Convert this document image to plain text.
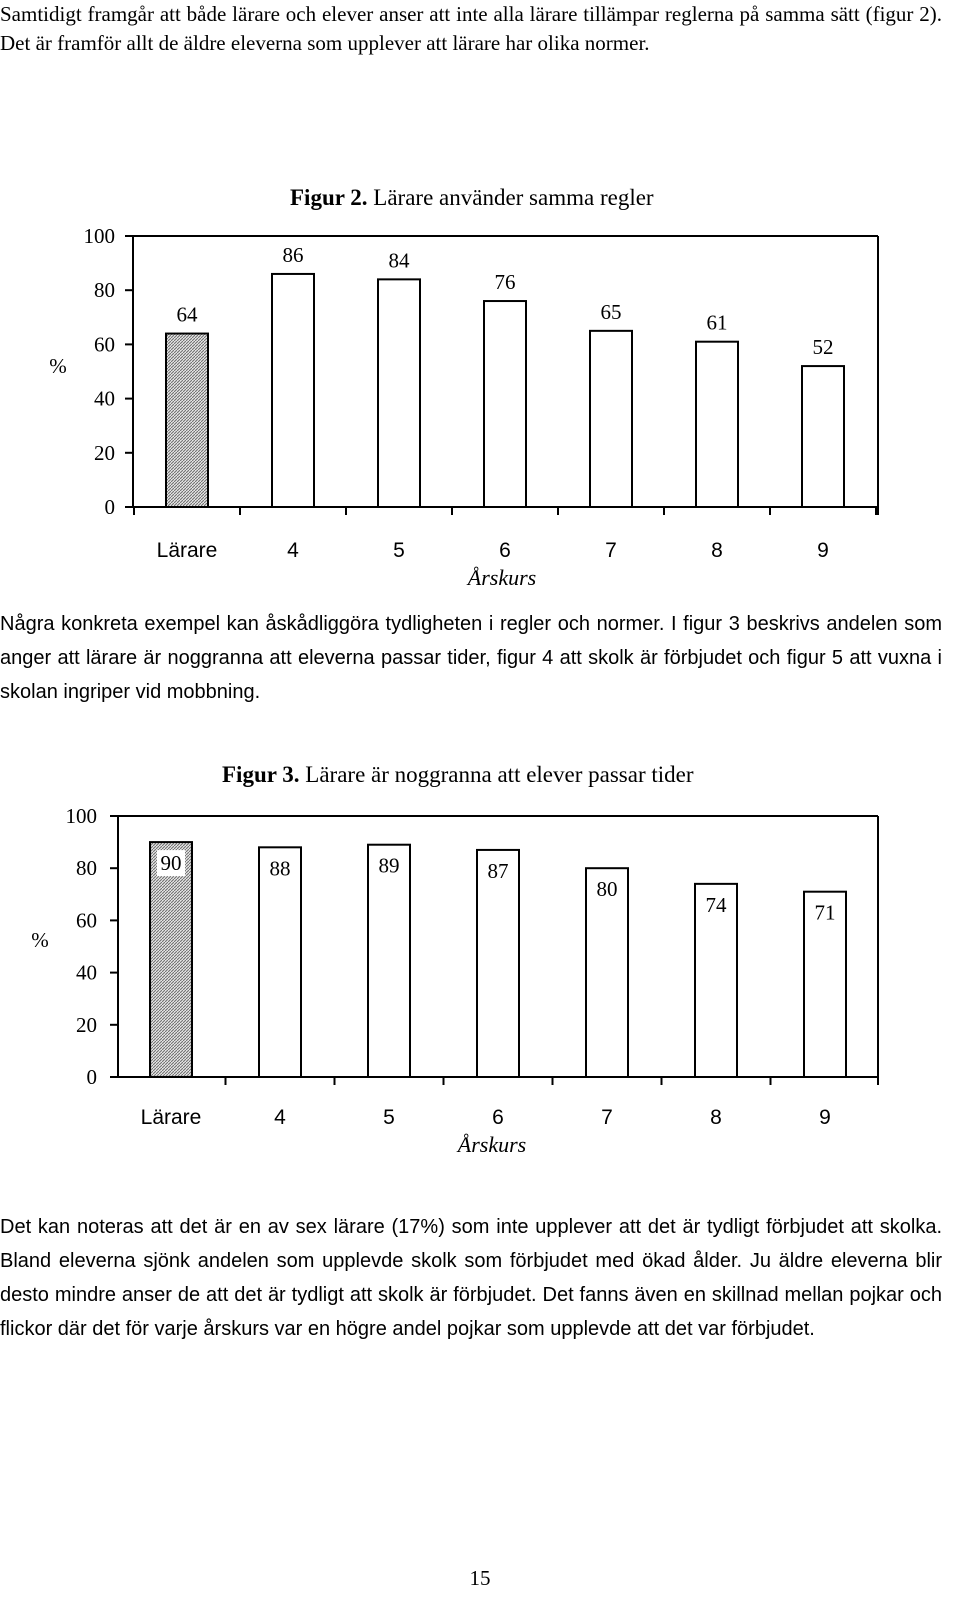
Samtidigt framgår att både lärare och elever anser att inte alla lärare tillämpar reglerna på samma sätt (figur 2). Det är framför allt de äldre eleverna som upplever att lärare har olika normer.

Figur 2. Lärare använder samma regler
100
80
60
40
20
0
%
64
Lärare
86
4
84
5
76
6
65
7
61
8
52
9
Årskurs

Några konkreta exempel kan åskådliggöra tydligheten i regler och normer. I figur 3 beskrivs andelen som anger att lärare är noggranna att eleverna passar tider, figur 4 att skolk är förbjudet och figur 5 att vuxna i skolan ingriper vid mobbning.

Figur 3. Lärare är noggranna att elever passar tider
100
80
60
40
20
0
%
90
Lärare
88
4
89
5
87
6
80
7
74
8
71
9
Årskurs

Det kan noteras att det är en av sex lärare (17%) som inte upplever att det är tydligt förbjudet att skolka. Bland eleverna sjönk andelen som upplevde skolk som förbjudet med ökad ålder. Ju äldre eleverna blir desto mindre anser de att det är tydligt att skolk är förbjudet. Det fanns även en skillnad mellan pojkar och flickor där det för varje årskurs var en högre andel pojkar som upplevde att det var förbjudet.

15
